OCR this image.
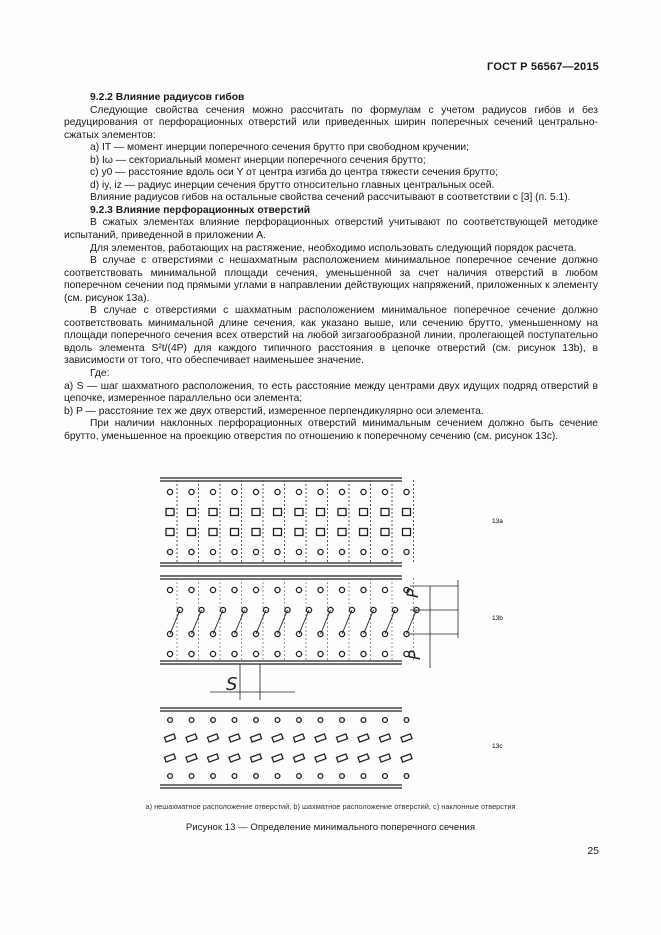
ГОСТ Р 56567—2015

9.2.2 Влияние радиусов гибов

Следующие свойства сечения можно рассчитать по формулам с учетом радиусов гибов и без редуцирования от перфорационных отверстий или приведенных ширин поперечных сечений центрально-сжатых элементов:

a) IT — момент инерции поперечного сечения брутто при свободном кручении;

b) Iω — секториальный момент инерции поперечного сечения брутто;

c) y0 — расстояние вдоль оси Y от центра изгиба до центра тяжести сечения брутто;

d) iy, iz — радиус инерции сечения брутто относительно главных центральных осей.

Влияние радиусов гибов на остальные свойства сечений рассчитывают в соответствии с [3] (п. 5.1).

9.2.3 Влияние перфорационных отверстий

В сжатых элементах влияние перфорационных отверстий учитывают по соответствующей методике испытаний, приведенной в приложении А.

Для элементов, работающих на растяжение, необходимо использовать следующий порядок расчета.

В случае с отверстиями с нешахматным расположением минимальное поперечное сечение должно соответствовать минимальной площади сечения, уменьшенной за счет наличия отверстий в любом поперечном сечении под прямыми углами в направлении действующих напряжений, приложенных к элементу (см. рисунок 13а).

В случае с отверстиями с шахматным расположением минимальное поперечное сечение должно соответствовать минимальной длине сечения, как указано выше, или сечению брутто, уменьшенному на площади поперечного сечения всех отверстий на любой зигзагообразной линии, пролегающей поступательно вдоль элемента S²t/(4P) для каждого типичного расстояния в цепочке отверстий (см. рисунок 13b), в зависимости от того, что обеспечивает наименьшее значение.

Где:

a) S — шаг шахматного расположения, то есть расстояние между центрами двух идущих подряд отверстий в цепочке, измеренное параллельно оси элемента;

b) P — расстояние тех же двух отверстий, измеренное перпендикулярно оси элемента.

При наличии наклонных перфорационных отверстий минимальным сечением должно быть сечение брутто, уменьшенное на проекцию отверстия по отношению к поперечному сечению (см. рисунок 13с).

13а
13b
13с
P
P
S
а) нешахматное расположение отверстий, b) шахматное расположение отверстий, с) наклонные отверстия
Рисунок 13 — Определение минимального поперечного сечения
25
